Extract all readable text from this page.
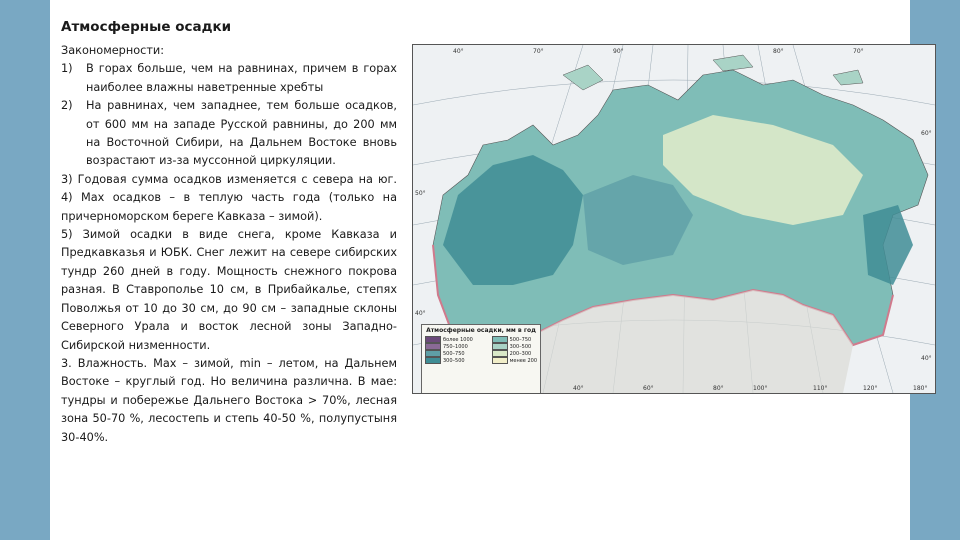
Атмосферные осадки

Закономерности:

1) В горах больше, чем на равнинах, причем в горах наиболее влажны наветренные хребты
2) На равнинах, чем западнее, тем больше осадков, от 600 мм на западе Русской равнины, до 200 мм на Восточной Сибири, на Дальнем Востоке вновь возрастают из-за муссонной циркуляции.

3) Годовая сумма осадков изменяется с севера на юг. 4) Мах осадков – в теплую часть года (только на причерноморском береге Кавказа – зимой).

5) Зимой осадки в виде снега, кроме Кавказа и Предкавказья и ЮБК. Снег лежит на севере сибирских тундр 260 дней в году. Мощность снежного покрова разная. В Ставрополье 10 см, в Прибайкалье, степях Поволжья от 10 до 30 см, до 90 см – западные склоны Северного Урала и восток лесной зоны Западно-Сибирской низменности.

3. Влажность. Мах – зимой, min – летом, на Дальнем Востоке – круглый год. Но величина различна. В мае: тундры и побережье Дальнего Востока > 70%, лесная зона 50-70 %, лесостепь и степь 40-50 %, полупустыня 30-40%.

40°	70°	90°	80°	70°
40°	60°	80°	100°	110°	120°	180°
50°
40°
60°
40°
Атмосферные осадки, мм в год
более 1000
750–1000
500–750
300–500
500–750
300–500
200–300
менее 200
